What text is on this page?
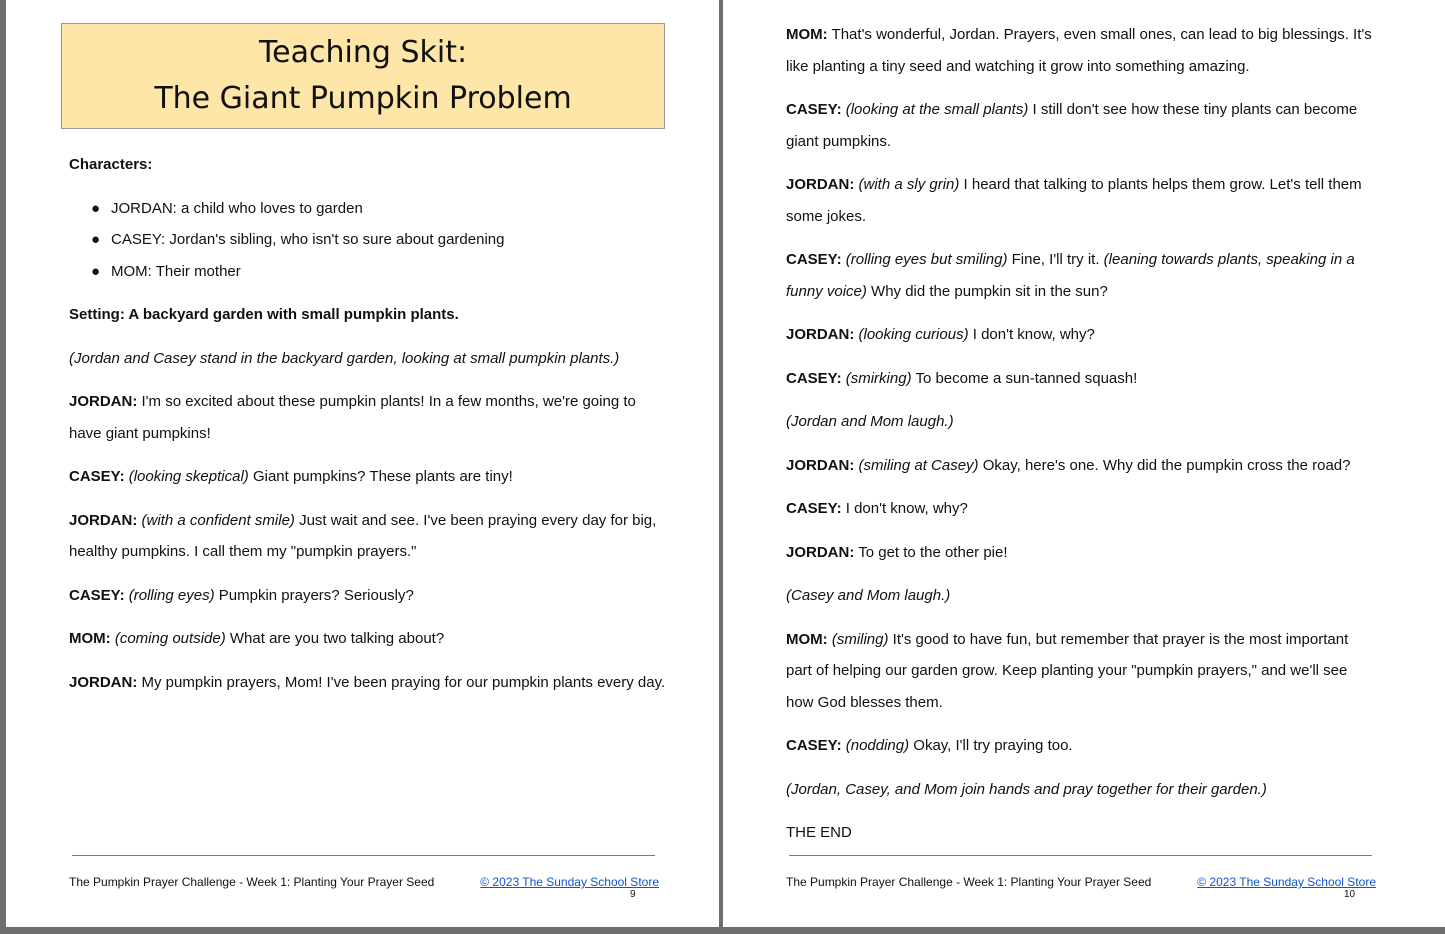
Teaching Skit:
The Giant Pumpkin Problem

Characters:

● JORDAN: a child who loves to garden
● CASEY: Jordan's sibling, who isn't so sure about gardening
● MOM: Their mother

Setting: A backyard garden with small pumpkin plants.

(Jordan and Casey stand in the backyard garden, looking at small pumpkin plants.)

JORDAN: I'm so excited about these pumpkin plants! In a few months, we're going to have giant pumpkins!

CASEY: (looking skeptical) Giant pumpkins? These plants are tiny!

JORDAN: (with a confident smile) Just wait and see. I've been praying every day for big, healthy pumpkins. I call them my "pumpkin prayers."

CASEY: (rolling eyes) Pumpkin prayers? Seriously?

MOM: (coming outside) What are you two talking about?

JORDAN: My pumpkin prayers, Mom! I've been praying for our pumpkin plants every day.

The Pumpkin Prayer Challenge - Week 1: Planting Your Prayer Seed	© 2023 The Sunday School Store
9

MOM: That's wonderful, Jordan. Prayers, even small ones, can lead to big blessings. It's like planting a tiny seed and watching it grow into something amazing.

CASEY: (looking at the small plants) I still don't see how these tiny plants can become giant pumpkins.

JORDAN: (with a sly grin) I heard that talking to plants helps them grow. Let's tell them some jokes.

CASEY: (rolling eyes but smiling) Fine, I'll try it. (leaning towards plants, speaking in a funny voice) Why did the pumpkin sit in the sun?

JORDAN: (looking curious) I don't know, why?

CASEY: (smirking) To become a sun-tanned squash!

(Jordan and Mom laugh.)

JORDAN: (smiling at Casey) Okay, here's one. Why did the pumpkin cross the road?

CASEY: I don't know, why?

JORDAN: To get to the other pie!

(Casey and Mom laugh.)

MOM: (smiling) It's good to have fun, but remember that prayer is the most important part of helping our garden grow. Keep planting your "pumpkin prayers," and we'll see how God blesses them.

CASEY: (nodding) Okay, I'll try praying too.

(Jordan, Casey, and Mom join hands and pray together for their garden.)

THE END

The Pumpkin Prayer Challenge - Week 1: Planting Your Prayer Seed	© 2023 The Sunday School Store
10
